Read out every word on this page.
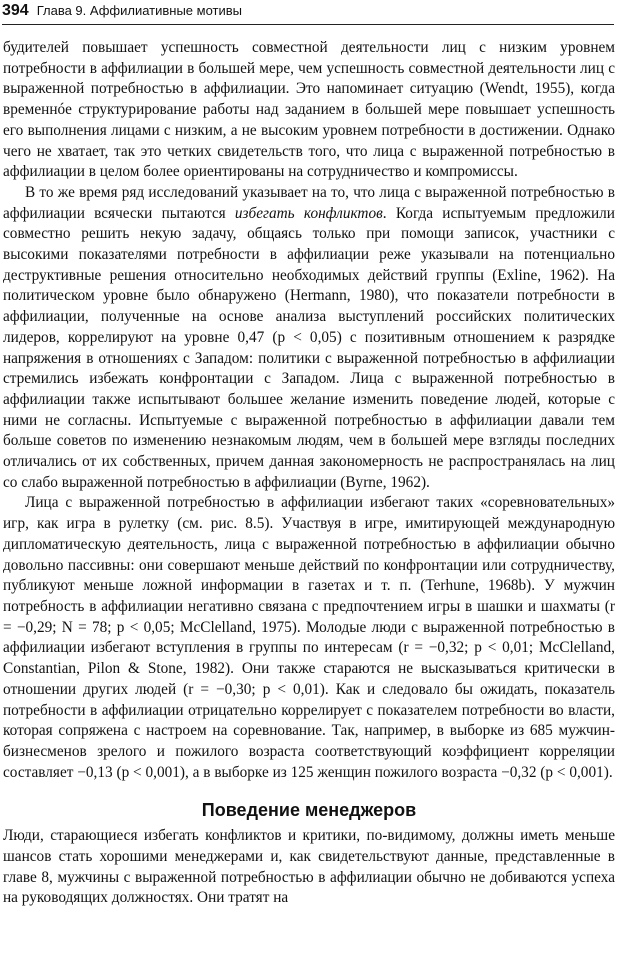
394 Глава 9. Аффилиативные мотивы

будителей повышает успешность совместной деятельности лиц с низким уровнем потребности в аффилиации в большей мере, чем успешность совместной деятельности лиц с выраженной потребностью в аффилиации. Это напоминает ситуацию (Wendt, 1955), когда временнóе структурирование работы над заданием в большей мере повышает успешность его выполнения лицами с низким, а не высоким уровнем потребности в достижении. Однако чего не хватает, так это четких свидетельств того, что лица с выраженной потребностью в аффилиации в целом более ориентированы на сотрудничество и компромиссы.

В то же время ряд исследований указывает на то, что лица с выраженной потребностью в аффилиации всячески пытаются избегать конфликтов. Когда испытуемым предложили совместно решить некую задачу, общаясь только при помощи записок, участники с высокими показателями потребности в аффилиации реже указывали на потенциально деструктивные решения относительно необходимых действий группы (Exline, 1962). На политическом уровне было обнаружено (Hermann, 1980), что показатели потребности в аффилиации, полученные на основе анализа выступлений российских политических лидеров, коррелируют на уровне 0,47 (р < 0,05) с позитивным отношением к разрядке напряжения в отношениях с Западом: политики с выраженной потребностью в аффилиации стремились избежать конфронтации с Западом. Лица с выраженной потребностью в аффилиации также испытывают большее желание изменить поведение людей, которые с ними не согласны. Испытуемые с выраженной потребностью в аффилиации давали тем больше советов по изменению незнакомым людям, чем в большей мере взгляды последних отличались от их собственных, причем данная закономерность не распространялась на лиц со слабо выраженной потребностью в аффилиации (Byrne, 1962).

Лица с выраженной потребностью в аффилиации избегают таких «соревновательных» игр, как игра в рулетку (см. рис. 8.5). Участвуя в игре, имитирующей международную дипломатическую деятельность, лица с выраженной потребностью в аффилиации обычно довольно пассивны: они совершают меньше действий по конфронтации или сотрудничеству, публикуют меньше ложной информации в газетах и т. п. (Terhune, 1968b). У мужчин потребность в аффилиации негативно связана с предпочтением игры в шашки и шахматы (r = −0,29; N = 78; p < 0,05; McClelland, 1975). Молодые люди с выраженной потребностью в аффилиации избегают вступления в группы по интересам (r = −0,32; p < 0,01; McClelland, Constantian, Pilon & Stone, 1982). Они также стараются не высказываться критически в отношении других людей (r = −0,30; p < 0,01). Как и следовало бы ожидать, показатель потребности в аффилиации отрицательно коррелирует с показателем потребности во власти, которая сопряжена с настроем на соревнование. Так, например, в выборке из 685 мужчин-бизнесменов зрелого и пожилого возраста соответствующий коэффициент корреляции составляет −0,13 (p < 0,001), а в выборке из 125 женщин пожилого возраста −0,32 (p < 0,001).

Поведение менеджеров

Люди, старающиеся избегать конфликтов и критики, по-видимому, должны иметь меньше шансов стать хорошими менеджерами и, как свидетельствуют данные, представленные в главе 8, мужчины с выраженной потребностью в аффилиации обычно не добиваются успеха на руководящих должностях. Они тратят на
